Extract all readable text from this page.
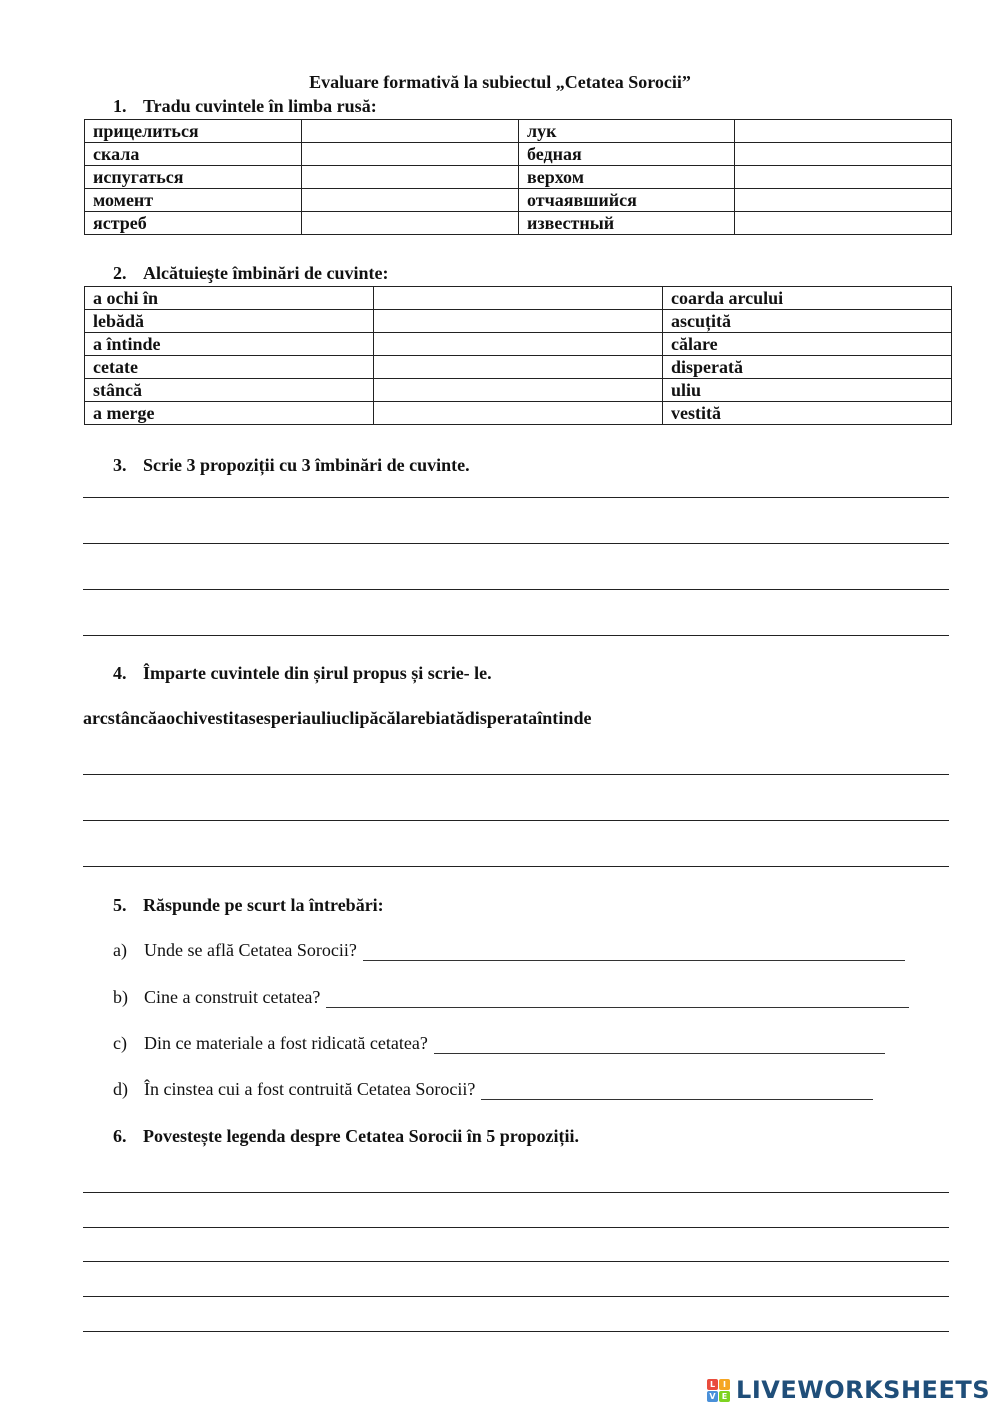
Evaluare formativă la subiectul „Cetatea Sorocii”
1. Tradu cuvintele în limba rusă:
прицелиться		лук	
скала		бедная	
испугаться		верхом	
момент		отчаявшийся	
ястреб		известный	
2. Alcătuieşte îmbinări de cuvinte:
a ochi în		coarda arcului
lebădă		ascuțită
a întinde		călare
cetate		disperată
stâncă		uliu
a merge		vestită
3. Scrie 3 propoziții cu 3 îmbinări de cuvinte.
4. Împarte cuvintele din șirul propus și scrie- le.
arcstâncăaochivestitasesperiauliuclipăcălarebiatădisperataîntinde
5. Răspunde pe scurt la întrebări:
a) Unde se află Cetatea Sorocii?
b) Cine a construit cetatea?
c) Din ce materiale a fost ridicată cetatea?
d) În cinstea cui a fost contruită Cetatea Sorocii?
6. Povestește legenda despre Cetatea Sorocii în 5 propoziții.
L I
V E LIVEWORKSHEETS
